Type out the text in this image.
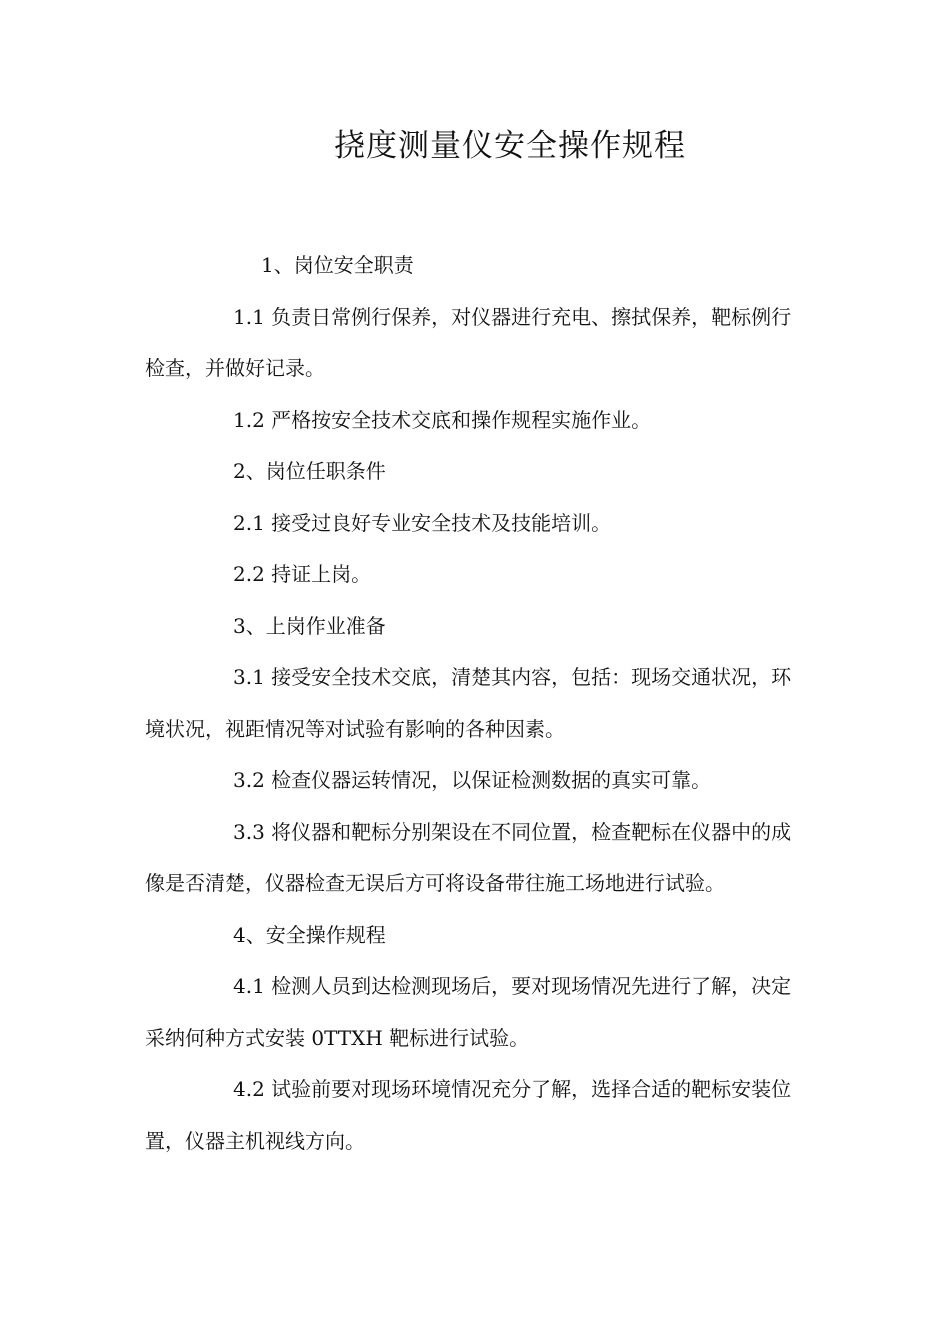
挠度测量仪安全操作规程

1、岗位安全职责

1.1 负责日常例行保养，对仪器进行充电、擦拭保养，靶标例行检查，并做好记录。

1.2 严格按安全技术交底和操作规程实施作业。

2、岗位任职条件

2.1 接受过良好专业安全技术及技能培训。

2.2 持证上岗。

3、上岗作业准备

3.1 接受安全技术交底，清楚其内容，包括：现场交通状况，环境状况，视距情况等对试验有影响的各种因素。

3.2 检查仪器运转情况，以保证检测数据的真实可靠。

3.3 将仪器和靶标分别架设在不同位置，检查靶标在仪器中的成像是否清楚，仪器检查无误后方可将设备带往施工场地进行试验。

4、安全操作规程

4.1 检测人员到达检测现场后，要对现场情况先进行了解，决定采纳何种方式安装 0TTXH 靶标进行试验。

4.2 试验前要对现场环境情况充分了解，选择合适的靶标安装位置，仪器主机视线方向。
